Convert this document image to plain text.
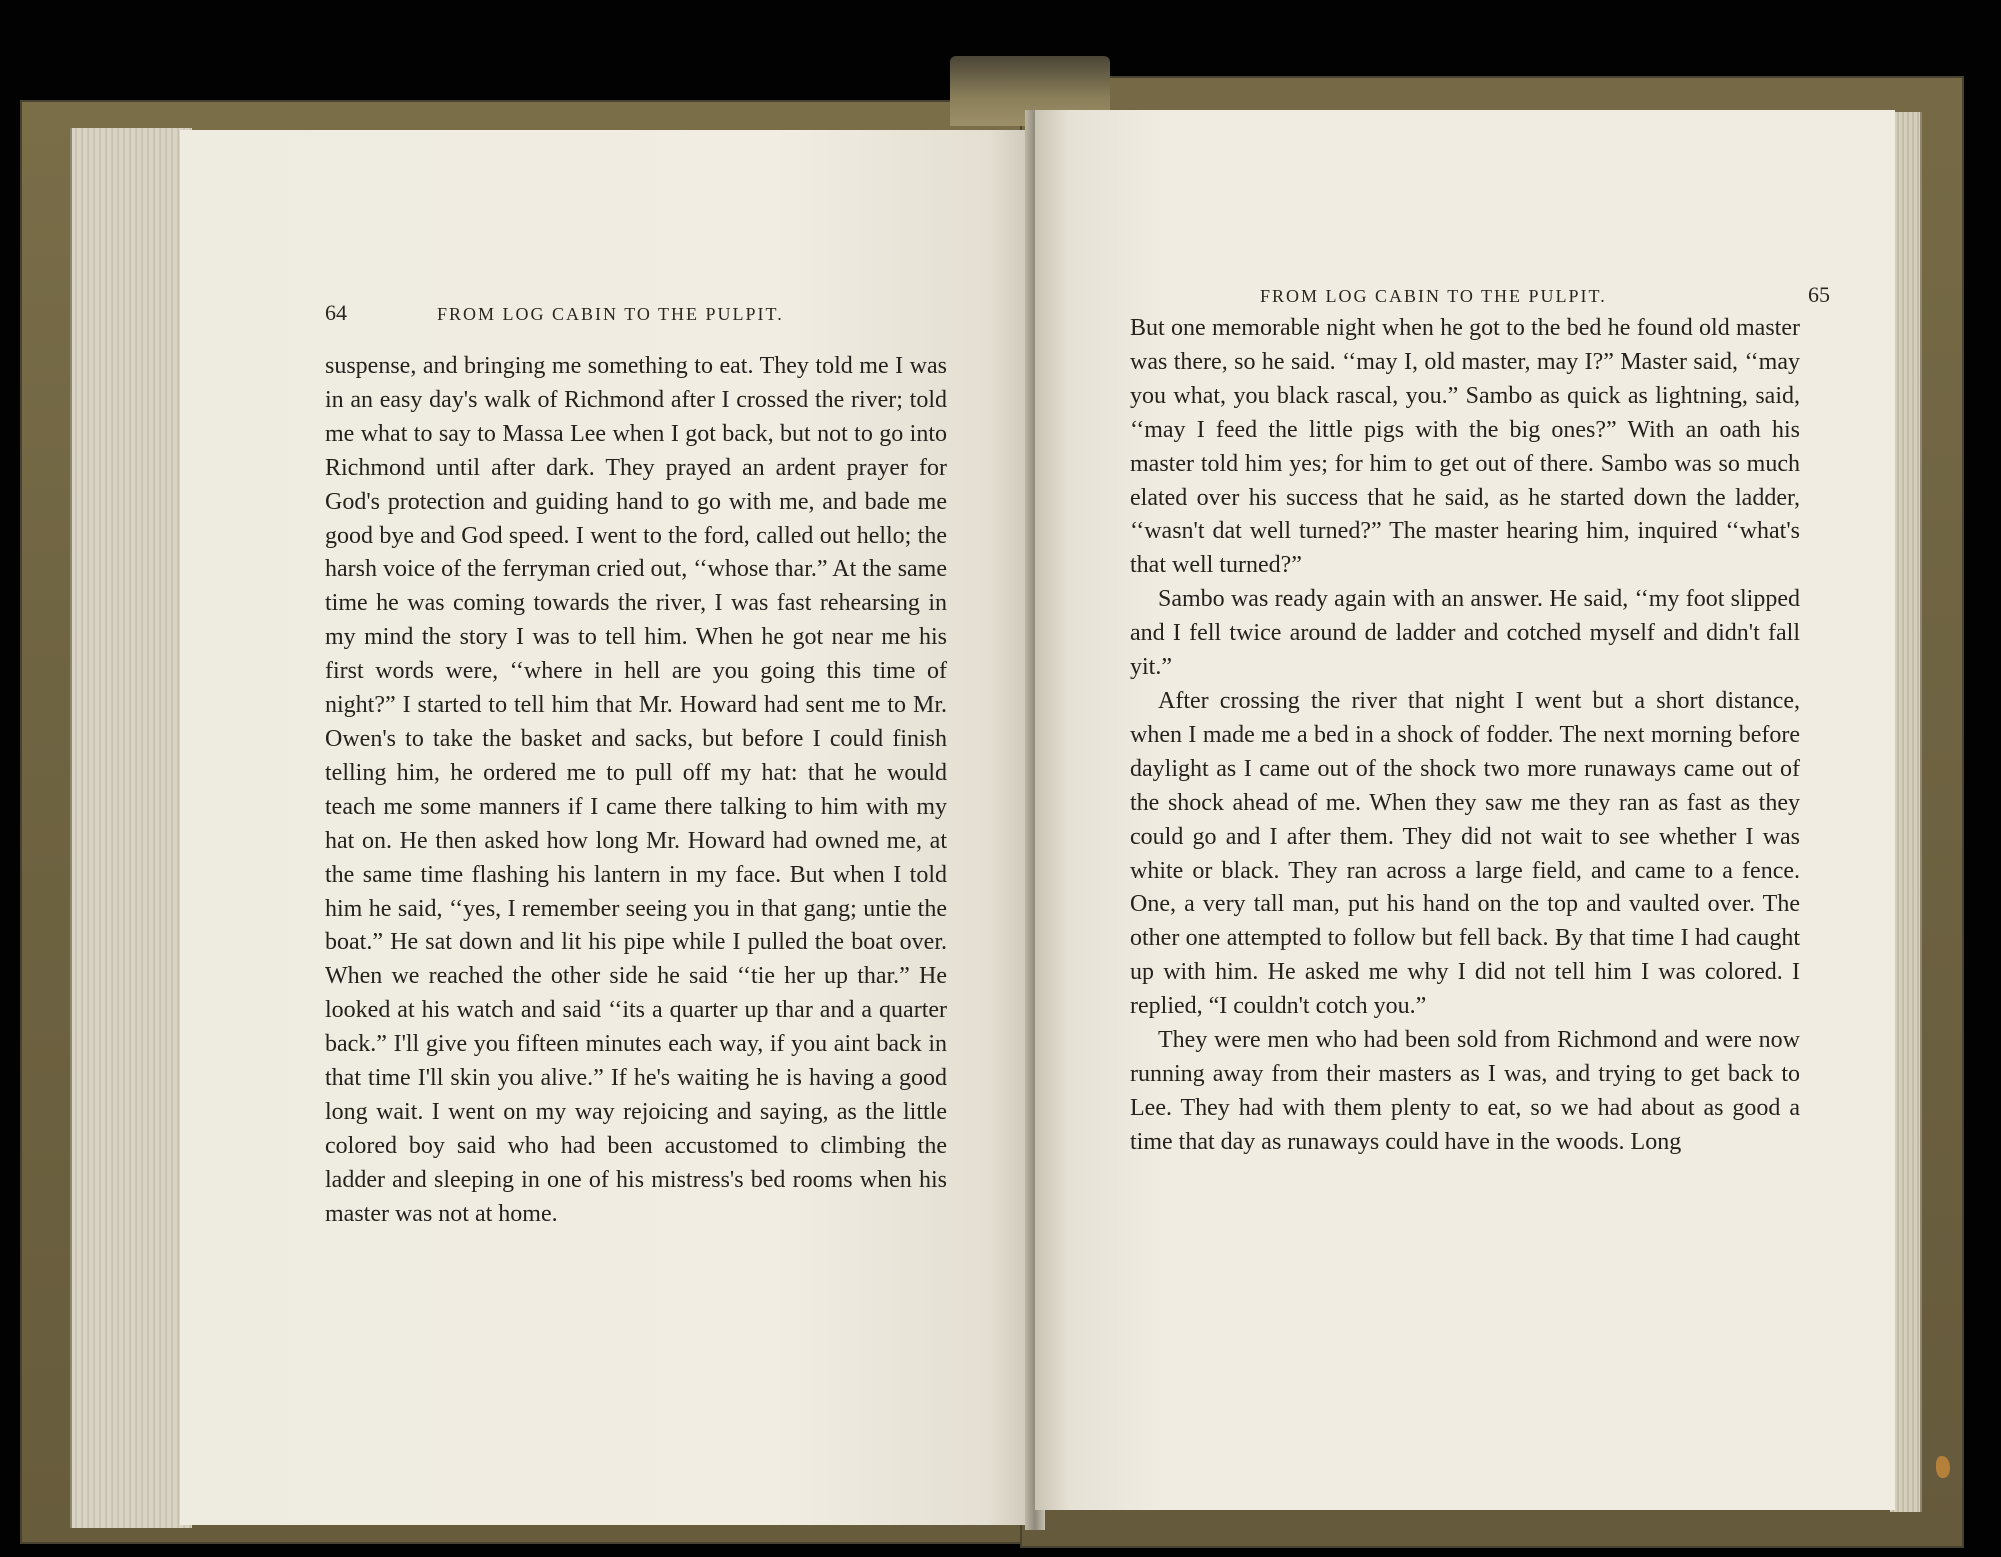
64	FROM LOG CABIN TO THE PULPIT.

suspense, and bringing me something to eat. They told me I was in an easy day's walk of Richmond after I crossed the river; told me what to say to Massa Lee when I got back, but not to go into Richmond until after dark. They prayed an ardent prayer for God's protection and guiding hand to go with me, and bade me good bye and God speed. I went to the ford, called out hello; the harsh voice of the ferryman cried out, ‘‘whose thar.” At the same time he was coming towards the river, I was fast rehearsing in my mind the story I was to tell him. When he got near me his first words were, ‘‘where in hell are you going this time of night?” I started to tell him that Mr. Howard had sent me to Mr. Owen's to take the basket and sacks, but before I could finish telling him, he ordered me to pull off my hat: that he would teach me some manners if I came there talking to him with my hat on. He then asked how long Mr. Howard had owned me, at the same time flashing his lantern in my face. But when I told him he said, ‘‘yes, I remember seeing you in that gang; untie the boat.” He sat down and lit his pipe while I pulled the boat over. When we reached the other side he said ‘‘tie her up thar.” He looked at his watch and said ‘‘its a quarter up thar and a quarter back.” I'll give you fifteen minutes each way, if you aint back in that time I'll skin you alive.” If he's waiting he is having a good long wait. I went on my way rejoicing and saying, as the little colored boy said who had been accustomed to climbing the ladder and sleeping in one of his mistress's bed rooms when his master was not at home.

FROM LOG CABIN TO THE PULPIT.	65

But one memorable night when he got to the bed he found old master was there, so he said. ‘‘may I, old master, may I?” Master said, ‘‘may you what, you black rascal, you.” Sambo as quick as lightning, said, ‘‘may I feed the little pigs with the big ones?” With an oath his master told him yes; for him to get out of there. Sambo was so much elated over his success that he said, as he started down the ladder, ‘‘wasn't dat well turned?” The master hearing him, inquired ‘‘what's that well turned?”

Sambo was ready again with an answer. He said, ‘‘my foot slipped and I fell twice around de ladder and cotched myself and didn't fall yit.”

After crossing the river that night I went but a short distance, when I made me a bed in a shock of fodder. The next morning before daylight as I came out of the shock two more runaways came out of the shock ahead of me. When they saw me they ran as fast as they could go and I after them. They did not wait to see whether I was white or black. They ran across a large field, and came to a fence. One, a very tall man, put his hand on the top and vaulted over. The other one attempted to follow but fell back. By that time I had caught up with him. He asked me why I did not tell him I was colored. I replied, “I couldn't cotch you.”

They were men who had been sold from Richmond and were now running away from their masters as I was, and trying to get back to Lee. They had with them plenty to eat, so we had about as good a time that day as runaways could have in the woods. Long
